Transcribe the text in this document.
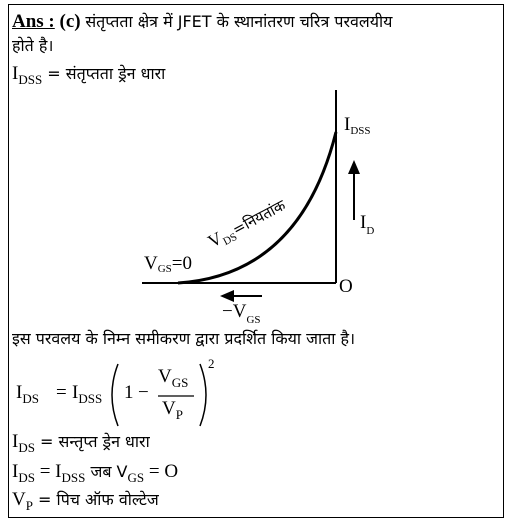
Ans : (c) संतृप्तता क्षेत्र में JFET के स्थानांतरण चरित्र परवलयीय
होते है।
$I_{DSS}$ = संतृप्तता ड्रेन धारा
$I_{DSS}$
$I_D$
O
VGS=0
$-V_{GS}$
$V_{DS}^{=नियतांक}$
इस परवलय के निम्न समीकरण द्वारा प्रदर्शित किया जाता है।
$I_{DS} = I_{DSS}$ 1 −
$V_{GS}$
$V_P$
2
$I_{DS}$ = सन्तृप्त ड्रेन धारा
$I_{DS} = I_{DSS}$ जब $V_{GS} = O$
$V_P$ = पिच ऑफ वोल्टेज
